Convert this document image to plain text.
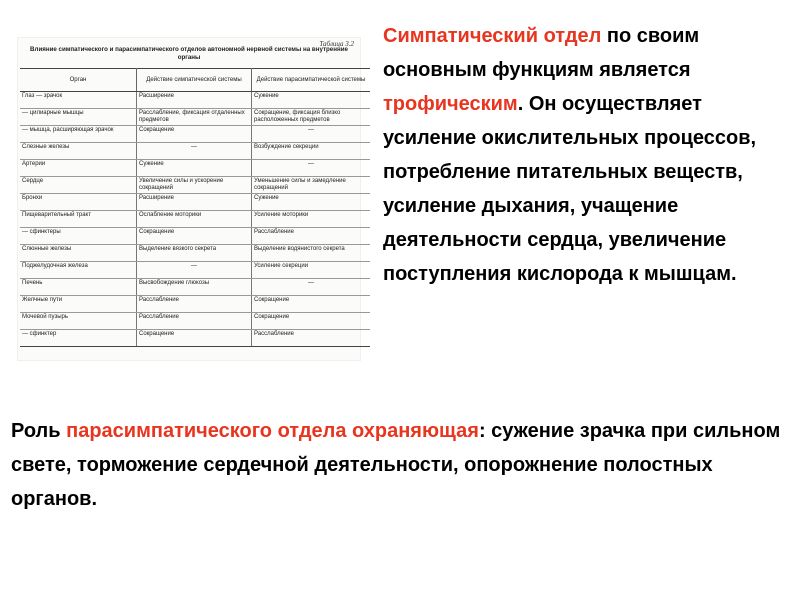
Таблица 3.2
Влияние симпатического и парасимпатического отделов автономной нервной системы на внутренние органы
Орган	Действие симпатической системы	Действие парасимпатической системы
Глаз — зрачок	Расширение	Сужение
— цилиарные мышцы	Расслабление, фиксация отдаленных предметов	Сокращение, фиксация близко расположенных предметов
— мышца, расширяющая зрачок	Сокращение	—
Слезные железы	—	Возбуждение секреции
Артерии	Сужение	—
Сердце	Увеличение силы и ускорение сокращений	Уменьшение силы и замедление сокращений
Бронхи	Расширение	Сужение
Пищеварительный тракт	Ослабление моторики	Усиление моторики
— сфинктеры	Сокращение	Расслабление
Слюнные железы	Выделение вязкого секрета	Выделение водянистого секрета
Поджелудочная железа	—	Усиление секреции
Печень	Высвобождение глюкозы	—
Желчные пути	Расслабление	Сокращение
Мочевой пузырь	Расслабление	Сокращение
— сфинктер	Сокращение	Расслабление
Симпатический отдел по своим основным функциям является трофическим. Он осуществляет усиление окислительных процессов, потребление питательных веществ, усиление дыхания, учащение деятельности сердца, увеличение поступления кислорода к мышцам.
Роль парасимпатического отдела охраняющая: сужение зрачка при сильном свете, торможение сердечной деятельности, опорожнение полостных органов.
